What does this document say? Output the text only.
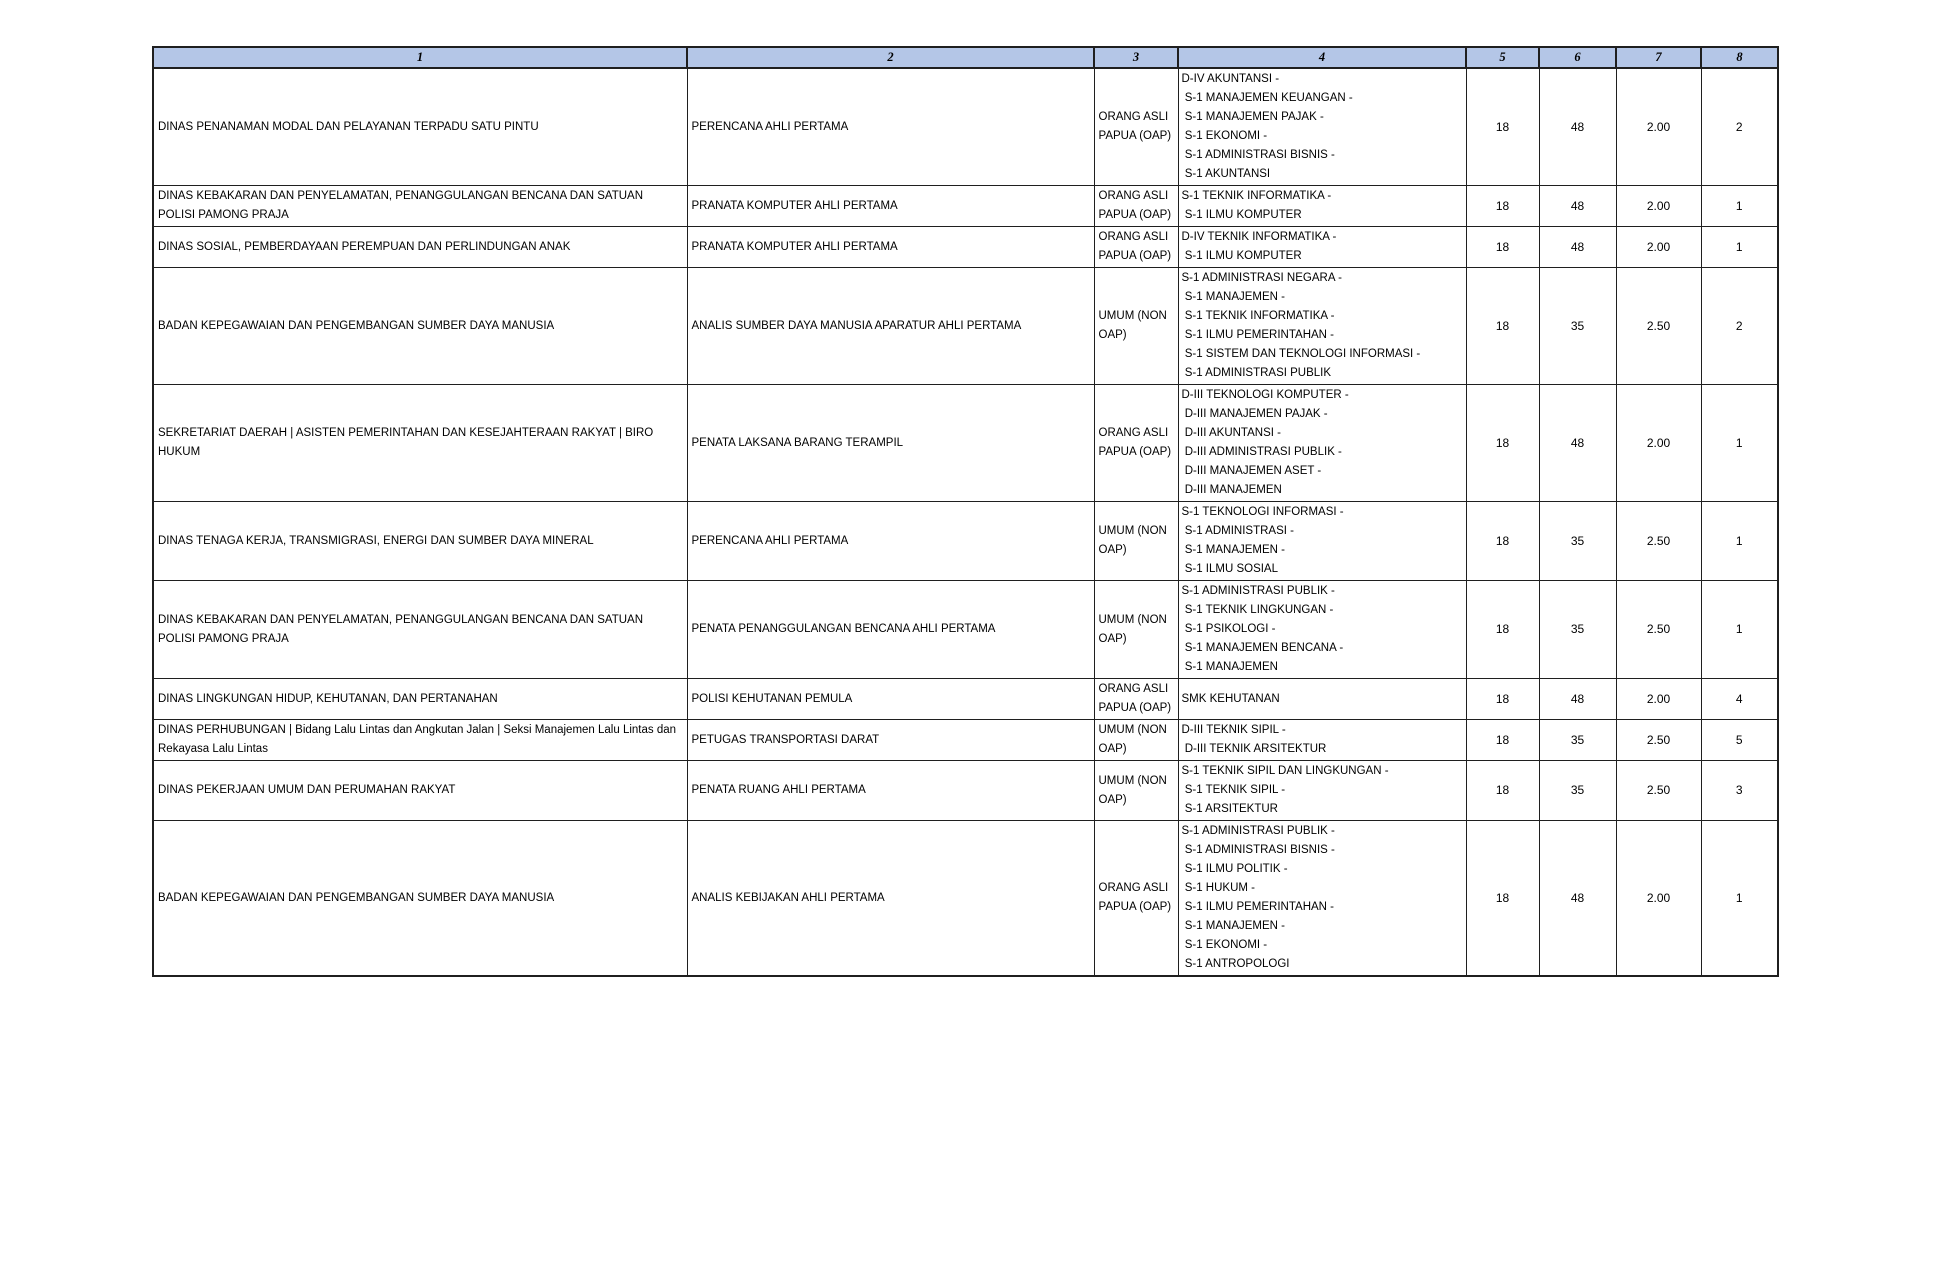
1	2	3	4	5	6	7	8
DINAS PENANAMAN MODAL DAN PELAYANAN TERPADU SATU PINTU	PERENCANA AHLI PERTAMA	ORANG ASLI PAPUA (OAP)	
D-IV AKUNTANSI -
S-1 MANAJEMEN KEUANGAN -
S-1 MANAJEMEN PAJAK -
S-1 EKONOMI -
S-1 ADMINISTRASI BISNIS -
S-1 AKUNTANSI
	18	48	2.00	2
DINAS KEBAKARAN DAN PENYELAMATAN, PENANGGULANGAN BENCANA DAN SATUAN POLISI PAMONG PRAJA	PRANATA KOMPUTER AHLI PERTAMA	ORANG ASLI PAPUA (OAP)	S-1 TEKNIK INFORMATIKA -
S-1 ILMU KOMPUTER	18	48	2.00	1
DINAS SOSIAL, PEMBERDAYAAN PEREMPUAN DAN PERLINDUNGAN ANAK	PRANATA KOMPUTER AHLI PERTAMA	ORANG ASLI PAPUA (OAP)	D-IV TEKNIK INFORMATIKA -
S-1 ILMU KOMPUTER	18	48	2.00	1
BADAN KEPEGAWAIAN DAN PENGEMBANGAN SUMBER DAYA MANUSIA	ANALIS SUMBER DAYA MANUSIA APARATUR AHLI PERTAMA	UMUM (NON OAP)	
S-1 ADMINISTRASI NEGARA -
S-1 MANAJEMEN -
S-1 TEKNIK INFORMATIKA -
S-1 ILMU PEMERINTAHAN -
S-1 SISTEM DAN TEKNOLOGI INFORMASI -
S-1 ADMINISTRASI PUBLIK
	18	35	2.50	2
SEKRETARIAT DAERAH | ASISTEN PEMERINTAHAN DAN KESEJAHTERAAN RAKYAT | BIRO HUKUM	PENATA LAKSANA BARANG TERAMPIL	ORANG ASLI PAPUA (OAP)	
D-III TEKNOLOGI KOMPUTER -
D-III MANAJEMEN PAJAK -
D-III AKUNTANSI -
D-III ADMINISTRASI PUBLIK -
D-III MANAJEMEN ASET -
D-III MANAJEMEN
	18	48	2.00	1
DINAS TENAGA KERJA, TRANSMIGRASI, ENERGI DAN SUMBER DAYA MINERAL	PERENCANA AHLI PERTAMA	UMUM (NON OAP)	S-1 TEKNOLOGI INFORMASI -
S-1 ADMINISTRASI -
S-1 MANAJEMEN -
S-1 ILMU SOSIAL	18	35	2.50	1
DINAS KEBAKARAN DAN PENYELAMATAN, PENANGGULANGAN BENCANA DAN SATUAN POLISI PAMONG PRAJA	PENATA PENANGGULANGAN BENCANA AHLI PERTAMA	UMUM (NON OAP)	S-1 ADMINISTRASI PUBLIK -
S-1 TEKNIK LINGKUNGAN -
S-1 PSIKOLOGI -
S-1 MANAJEMEN BENCANA -
S-1 MANAJEMEN	18	35	2.50	1
DINAS LINGKUNGAN HIDUP, KEHUTANAN, DAN PERTANAHAN	POLISI KEHUTANAN PEMULA	ORANG ASLI PAPUA (OAP)	SMK KEHUTANAN	18	48	2.00	4
DINAS PERHUBUNGAN | Bidang Lalu Lintas dan Angkutan Jalan | Seksi Manajemen Lalu Lintas dan Rekayasa Lalu Lintas	PETUGAS TRANSPORTASI DARAT	UMUM (NON OAP)	D-III TEKNIK SIPIL -
D-III TEKNIK ARSITEKTUR	18	35	2.50	5
DINAS PEKERJAAN UMUM DAN PERUMAHAN RAKYAT	PENATA RUANG AHLI PERTAMA	UMUM (NON OAP)	S-1 TEKNIK SIPIL DAN LINGKUNGAN -
S-1 TEKNIK SIPIL -
S-1 ARSITEKTUR	18	35	2.50	3
BADAN KEPEGAWAIAN DAN PENGEMBANGAN SUMBER DAYA MANUSIA	ANALIS KEBIJAKAN AHLI PERTAMA	ORANG ASLI PAPUA (OAP)	
S-1 ADMINISTRASI PUBLIK -
S-1 ADMINISTRASI BISNIS -
S-1 ILMU POLITIK -
S-1 HUKUM -
S-1 ILMU PEMERINTAHAN -
S-1 MANAJEMEN -
S-1 EKONOMI -
S-1 ANTROPOLOGI
	18	48	2.00	1
